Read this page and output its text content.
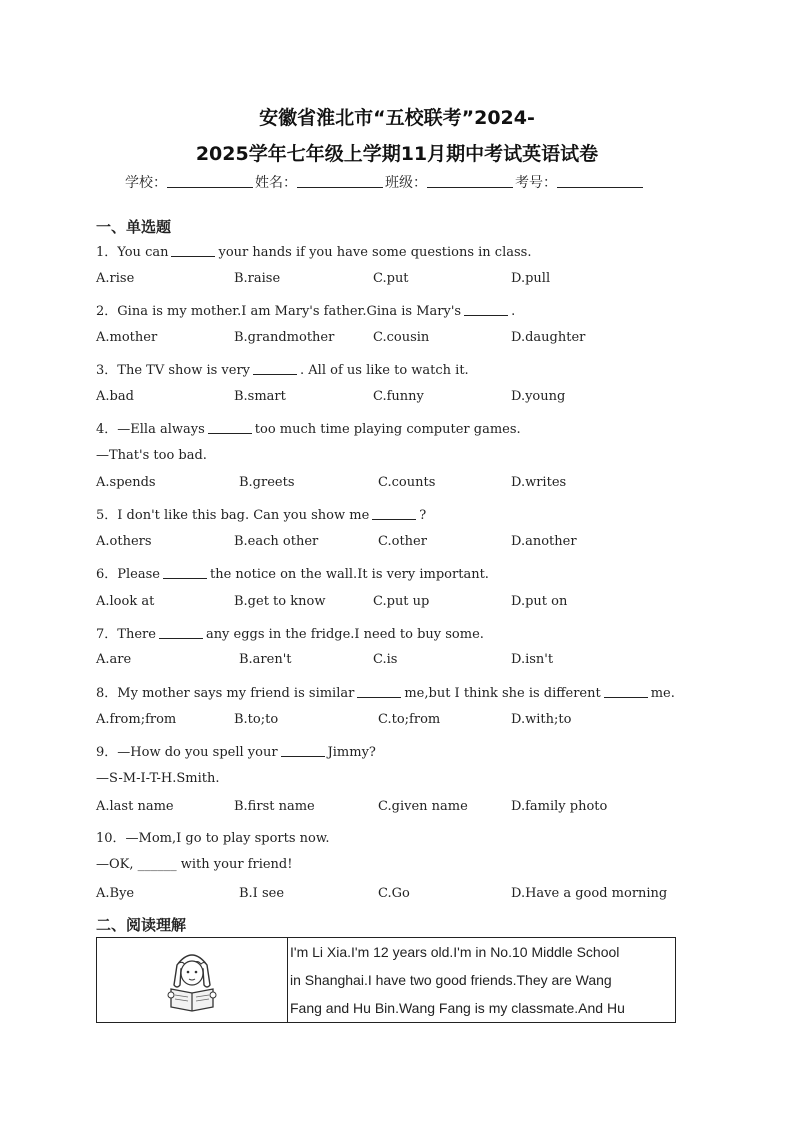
安徽省淮北市“五校联考”2024-
2025学年七年级上学期11月期中考试英语试卷
学校：	姓名：	班级：	考号：
一、单选题
1．You can	your hands if you have some questions in class.
A.rise	B.raise	C.put	D.pull
2．Gina is my mother.I am Mary's father.Gina is Mary's	.
A.mother	B.grandmother	C.cousin	D.daughter
3．The TV show is very	. All of us like to watch it.
A.bad	B.smart	C.funny	D.young
4．—Ella always	too much time playing computer games.
—That's too bad.
A.spends	B.greets	C.counts	D.writes
5．I don't like this bag. Can you show me	?
A.others	B.each other	C.other	D.another
6．Please	the notice on the wall.It is very important.
A.look at	B.get to know	C.put up	D.put on
7．There	any eggs in the fridge.I need to buy some.
A.are	B.aren't	C.is	D.isn't
8．My mother says my friend is similar	me,but I think she is different	me.
A.from;from	B.to;to	C.to;from	D.with;to
9．—How do you spell your	Jimmy?
—S-M-I-T-H.Smith.
A.last name	B.first name	C.given name	D.family photo
10．—Mom,I go to play sports now.
—OK, ______ with your friend!
A.Bye	B.I see	C.Go	D.Have a good morning
二、阅读理解

I'm Li Xia.I'm 12 years old.I'm in No.10 Middle School
in Shanghai.I have two good friends.They are Wang
Fang and Hu Bin.Wang Fang is my classmate.And Hu
